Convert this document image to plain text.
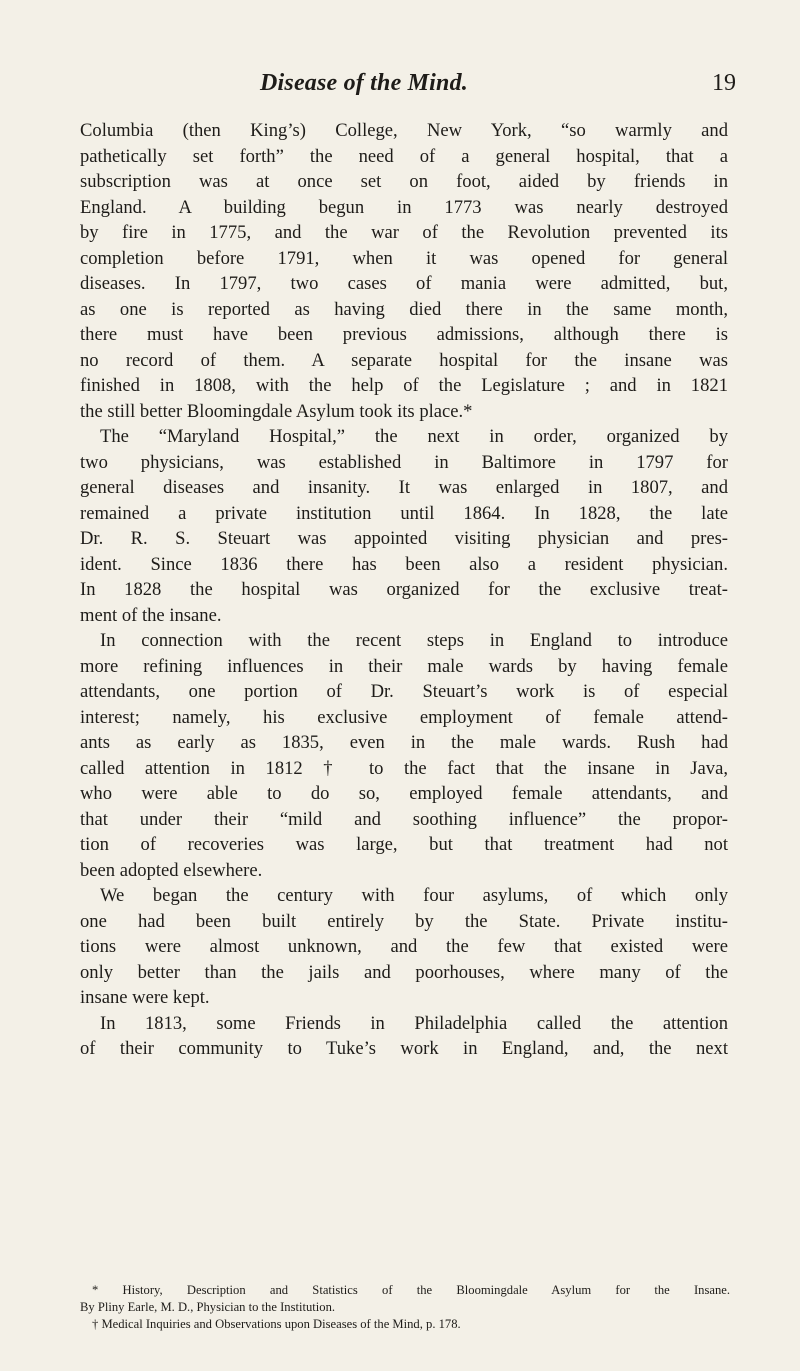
Disease of the Mind.	19
Columbia (then King’s) College, New York, “so warmly and
pathetically set forth” the need of a general hospital, that a
subscription was at once set on foot, aided by friends in
England. A building begun in 1773 was nearly destroyed
by fire in 1775, and the war of the Revolution prevented its
completion before 1791, when it was opened for general
diseases. In 1797, two cases of mania were admitted, but,
as one is reported as having died there in the same month,
there must have been previous admissions, although there is
no record of them. A separate hospital for the insane was
finished in 1808, with the help of the Legislature ; and in 1821
the still better Bloomingdale Asylum took its place.*
The “Maryland Hospital,” the next in order, organized by
two physicians, was established in Baltimore in 1797 for
general diseases and insanity. It was enlarged in 1807, and
remained a private institution until 1864. In 1828, the late
Dr. R. S. Steuart was appointed visiting physician and pres-
ident. Since 1836 there has been also a resident physician.
In 1828 the hospital was organized for the exclusive treat-
ment of the insane.
In connection with the recent steps in England to introduce
more refining influences in their male wards by having female
attendants, one portion of Dr. Steuart’s work is of especial
interest; namely, his exclusive employment of female attend-
ants as early as 1835, even in the male wards. Rush had
called attention in 1812 † to the fact that the insane in Java,
who were able to do so, employed female attendants, and
that under their “mild and soothing influence” the propor-
tion of recoveries was large, but that treatment had not
been adopted elsewhere.
We began the century with four asylums, of which only
one had been built entirely by the State. Private institu-
tions were almost unknown, and the few that existed were
only better than the jails and poorhouses, where many of the
insane were kept.
In 1813, some Friends in Philadelphia called the attention
of their community to Tuke’s work in England, and, the next
* History, Description and Statistics of the Bloomingdale Asylum for the Insane.
By Pliny Earle, M. D., Physician to the Institution.
† Medical Inquiries and Observations upon Diseases of the Mind, p. 178.
